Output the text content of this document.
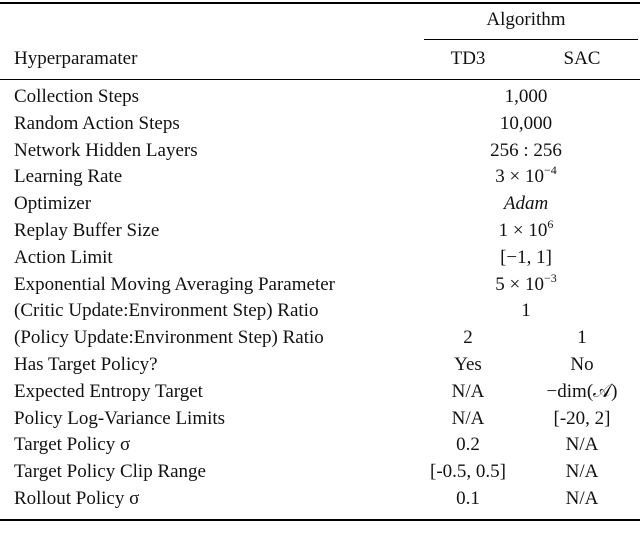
Algorithm
Hyperparamater	TD3	SAC
Collection Steps	1,000
Random Action Steps	10,000
Network Hidden Layers	256 : 256
Learning Rate	$3 \times 10^{-4}$
Optimizer	Adam
Replay Buffer Size	$1 \times 10^6$
Action Limit	[−1, 1]
Exponential Moving Averaging Parameter	$5 \times 10^{-3}$
(Critic Update:Environment Step) Ratio	1
(Policy Update:Environment Step) Ratio	2	1
Has Target Policy?	Yes	No
Expected Entropy Target	N/A	−dim(𝒜)
Policy Log-Variance Limits	N/A	[-20, 2]
Target Policy σ	0.2	N/A
Target Policy Clip Range	[-0.5, 0.5]	N/A
Rollout Policy σ	0.1	N/A
